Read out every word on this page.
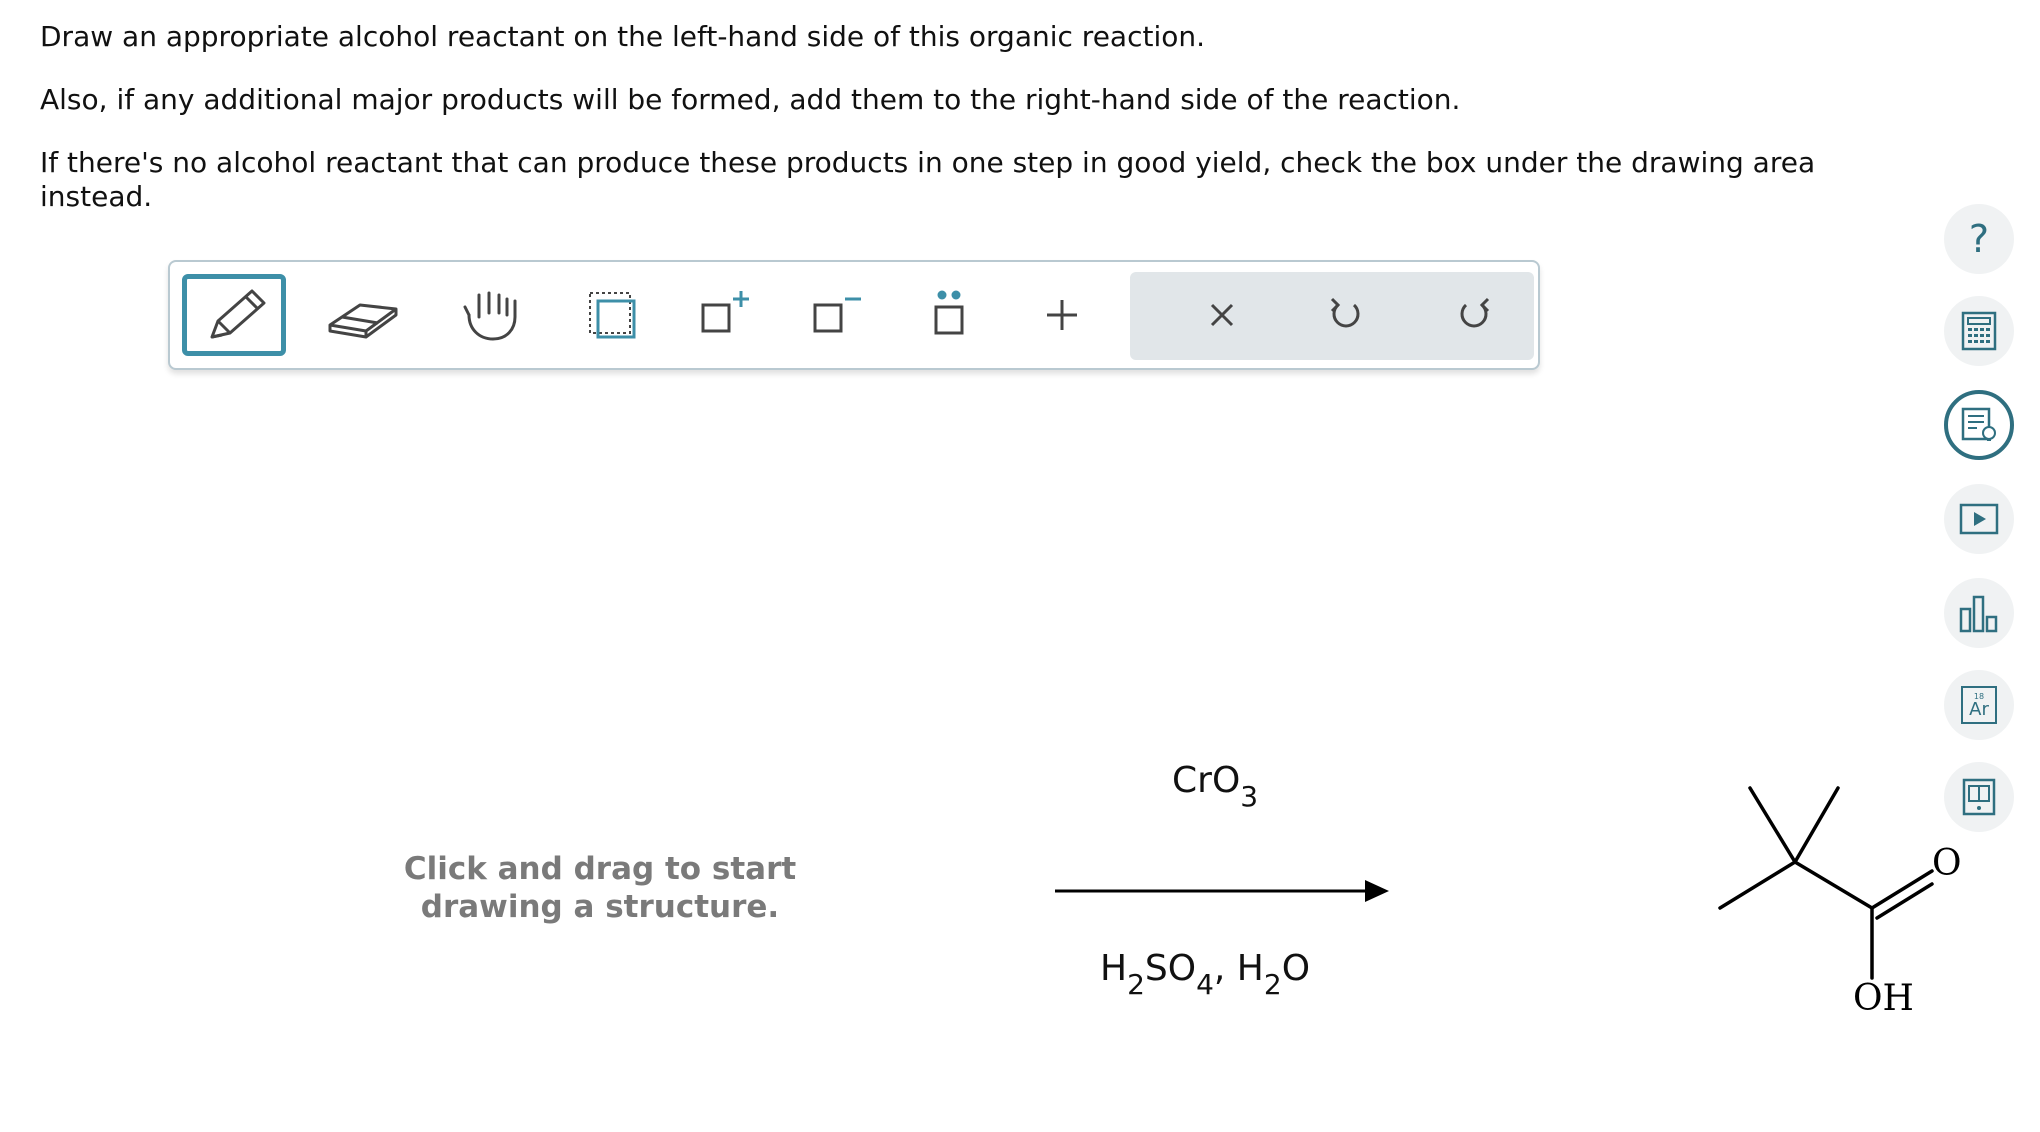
Draw an appropriate alcohol reactant on the left-hand side of this organic reaction.

Also, if any additional major products will be formed, add them to the right-hand side of the reaction.

If there's no alcohol reactant that can produce these products in one step in good yield, check the box under the drawing area instead.

?
18
Ar
Click and drag to start drawing a structure.
CrO$_3$
$H_2SO_4$, $H_2O$
O
OH
